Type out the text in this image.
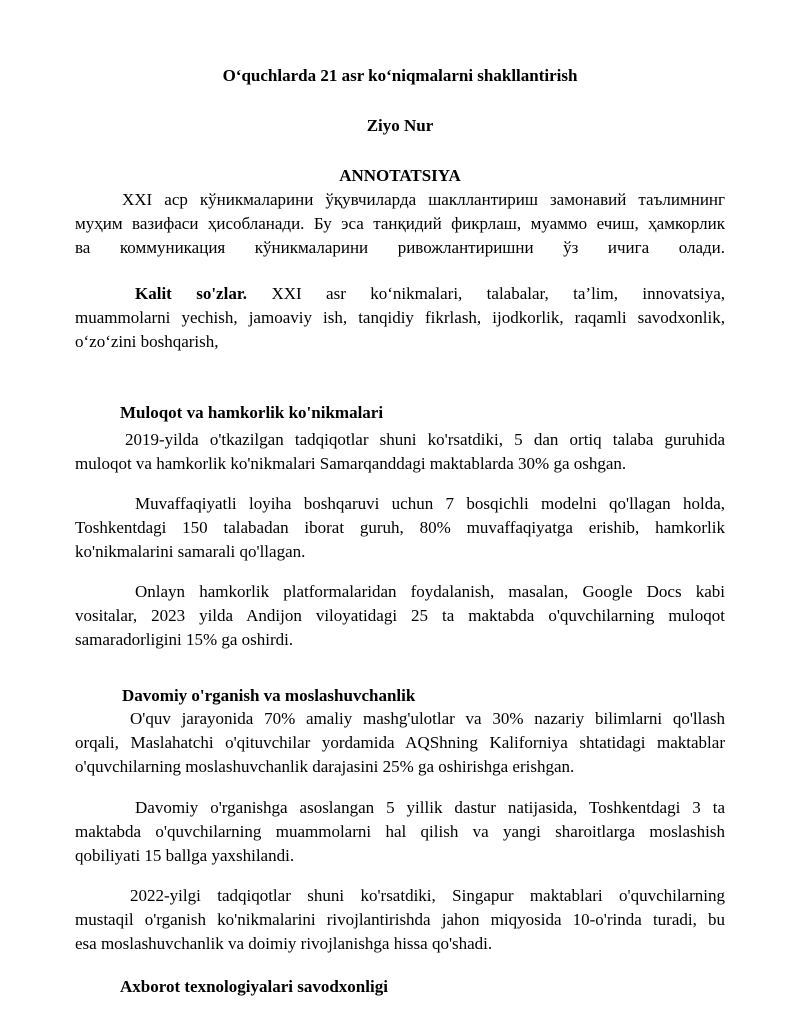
O‘quchlarda 21 asr ko‘niqmalarni shakllantirish
Ziyo Nur
ANNOTATSIYA
XXI аср кўникмаларини ўқувчиларда шакллантириш замонавий таълимнинг
муҳим вазифаси ҳисобланади. Бу эса танқидий фикрлаш, муаммо ечиш, ҳамкорлик
ва коммуникация кўникмаларини ривожлантиришни ўз ичига олади.
Kalit so'zlar. XXI asr ko‘nikmalari, talabalar, ta’lim, innovatsiya,
muammolarni yechish, jamoaviy ish, tanqidiy fikrlash, ijodkorlik, raqamli savodxonlik,
o‘zo‘zini boshqarish,
Muloqot va hamkorlik ko'nikmalari
2019-yilda o'tkazilgan tadqiqotlar shuni ko'rsatdiki, 5 dan ortiq talaba guruhida
muloqot va hamkorlik ko'nikmalari Samarqanddagi maktablarda 30% ga oshgan.
Muvaffaqiyatli loyiha boshqaruvi uchun 7 bosqichli modelni qo'llagan holda,
Toshkentdagi 150 talabadan iborat guruh, 80% muvaffaqiyatga erishib, hamkorlik
ko'nikmalarini samarali qo'llagan.
Onlayn hamkorlik platformalaridan foydalanish, masalan, Google Docs kabi
vositalar, 2023 yilda Andijon viloyatidagi 25 ta maktabda o'quvchilarning muloqot
samaradorligini 15% ga oshirdi.
Davomiy o'rganish va moslashuvchanlik
O'quv jarayonida 70% amaliy mashg'ulotlar va 30% nazariy bilimlarni qo'llash
orqali, Maslahatchi o'qituvchilar yordamida AQShning Kaliforniya shtatidagi maktablar
o'quvchilarning moslashuvchanlik darajasini 25% ga oshirishga erishgan.
Davomiy o'rganishga asoslangan 5 yillik dastur natijasida, Toshkentdagi 3 ta
maktabda o'quvchilarning muammolarni hal qilish va yangi sharoitlarga moslashish
qobiliyati 15 ballga yaxshilandi.
2022-yilgi tadqiqotlar shuni ko'rsatdiki, Singapur maktablari o'quvchilarning
mustaqil o'rganish ko'nikmalarini rivojlantirishda jahon miqyosida 10-o'rinda turadi, bu
esa moslashuvchanlik va doimiy rivojlanishga hissa qo'shadi.
Axborot texnologiyalari savodxonligi
